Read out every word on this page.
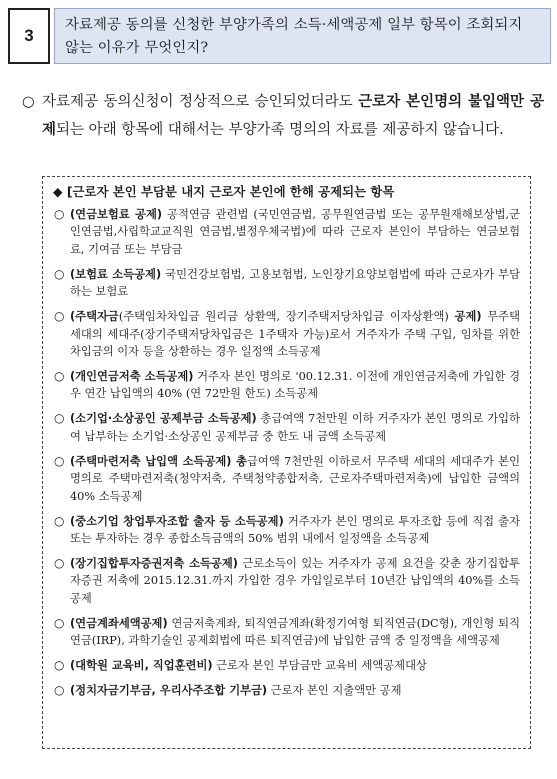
3
자료제공 동의를 신청한 부양가족의 소득·세액공제 일부 항목이 조회되지 않는 이유가 무엇인지?

○ 자료제공 동의신청이 정상적으로 승인되었더라도 근로자 본인명의 불입액만 공제되는 아래 항목에 대해서는 부양가족 명의의 자료를 제공하지 않습니다.

◆ [근로자 본인 부담분 내지 근로자 본인에 한해 공제되는 항목
○ (연금보험료 공제) 공적연금 관련법 (국민연금법, 공무원연금법 또는 공무원재해보상법,군인연금법,사립학교교직원 연금법,별정우체국법)에 따라 근로자 본인이 부담하는 연금보험료, 기여금 또는 부담금
○ (보험료 소득공제) 국민건강보험법, 고용보험법, 노인장기요양보험법에 따라 근로자가 부담하는 보험료
○ (주택자금(주택임차차입금 원리금 상환액, 장기주택저당차입금 이자상환액) 공제) 무주택 세대의 세대주(장기주택저당차입금은 1주택자 가능)로서 거주자가 주택 구입, 임차를 위한 차입금의 이자 등을 상환하는 경우 일정액 소득공제
○ (개인연금저축 소득공제) 거주자 본인 명의로 '00.12.31. 이전에 개인연금저축에 가입한 경우 연간 납입액의 40% (연 72만원 한도) 소득공제
○ (소기업·소상공인 공제부금 소득공제) 총급여액 7천만원 이하 거주자가 본인 명의로 가입하여 납부하는 소기업·소상공인 공제부금 중 한도 내 금액 소득공제
○ (주택마련저축 납입액 소득공제) 총급여액 7천만원 이하로서 무주택 세대의 세대주가 본인 명의로 주택마련저축(청약저축, 주택청약종합저축, 근로자주택마련저축)에 납입한 금액의 40% 소득공제
○ (중소기업 창업투자조합 출자 등 소득공제) 거주자가 본인 명의로 투자조합 등에 직접 출자 또는 투자하는 경우 종합소득금액의 50% 범위 내에서 일정액을 소득공제
○ (장기집합투자증권저축 소득공제) 근로소득이 있는 거주자가 공제 요건을 갖춘 장기집합투자증권 저축에 2015.12.31.까지 가입한 경우 가입일로부터 10년간 납입액의 40%를 소득공제
○ (연금계좌세액공제) 연금저축계좌, 퇴직연금계좌(확정기여형 퇴직연금(DC형), 개인형 퇴직연금(IRP), 과학기술인 공제회법에 따른 퇴직연금)에 납입한 금액 중 일정액을 세액공제
○ (대학원 교육비, 직업훈련비) 근로자 본인 부담금만 교육비 세액공제대상
○ (정치자금기부금, 우리사주조합 기부금) 근로자 본인 지출액만 공제
